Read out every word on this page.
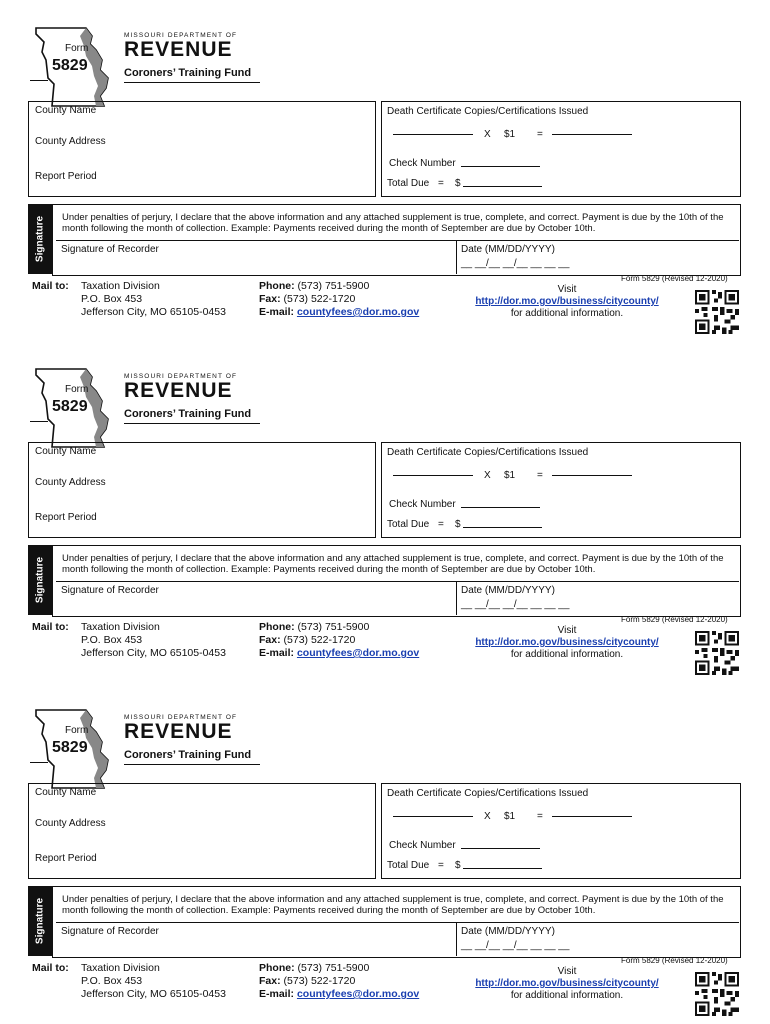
Form
5829
MISSOURI DEPARTMENT OF
REVENUE
Coroners’ Training Fund
County Name
County Address
Report Period
Death Certificate Copies/Certifications Issued
X $1 =
Check Number
Total Due = $
Signature Under penalties of perjury, I declare that the above information and any attached supplement is true, complete, and correct. Payment is due by the 10th of the month following the month of collection. Example: Payments received during the month of September are due by October 10th.
Signature of Recorder	Date (MM/DD/YYYY)
__ __/__ __/__ __ __ __
Mail to: Taxation Division
P.O. Box 453
Jefferson City, MO 65105-0453
Phone: (573) 751-5900
Fax: (573) 522-1720
E-mail: countyfees@dor.mo.gov
Form 5829 (Revised 12-2020)
Visit
http://dor.mo.gov/business/citycounty/
for additional information.
Form
5829
MISSOURI DEPARTMENT OF
REVENUE
Coroners’ Training Fund
County Name
County Address
Report Period
Death Certificate Copies/Certifications Issued
X $1 =
Check Number
Total Due = $
Signature Under penalties of perjury, I declare that the above information and any attached supplement is true, complete, and correct. Payment is due by the 10th of the month following the month of collection. Example: Payments received during the month of September are due by October 10th.
Signature of Recorder	Date (MM/DD/YYYY)
__ __/__ __/__ __ __ __
Mail to: Taxation Division
P.O. Box 453
Jefferson City, MO 65105-0453
Phone: (573) 751-5900
Fax: (573) 522-1720
E-mail: countyfees@dor.mo.gov
Form 5829 (Revised 12-2020)
Visit
http://dor.mo.gov/business/citycounty/
for additional information.
Form
5829
MISSOURI DEPARTMENT OF
REVENUE
Coroners’ Training Fund
County Name
County Address
Report Period
Death Certificate Copies/Certifications Issued
X $1 =
Check Number
Total Due = $
Signature Under penalties of perjury, I declare that the above information and any attached supplement is true, complete, and correct. Payment is due by the 10th of the month following the month of collection. Example: Payments received during the month of September are due by October 10th.
Signature of Recorder	Date (MM/DD/YYYY)
__ __/__ __/__ __ __ __
Mail to: Taxation Division
P.O. Box 453
Jefferson City, MO 65105-0453
Phone: (573) 751-5900
Fax: (573) 522-1720
E-mail: countyfees@dor.mo.gov
Form 5829 (Revised 12-2020)
Visit
http://dor.mo.gov/business/citycounty/
for additional information.
